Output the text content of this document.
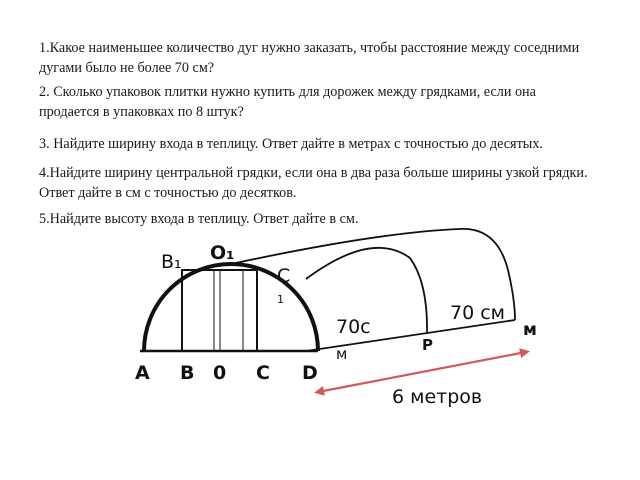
1.Какое наименьшее количество дуг нужно заказать, чтобы расстояние между соседними дугами было не более 70 см?

2. Сколько упаковок плитки нужно купить для дорожек между грядками, если она продается в упаковках по 8 штук?

3. Найдите ширину входа в теплицу. Ответ дайте в метрах с точностью до десятых.

4.Найдите ширину центральной грядки, если она в два раза больше ширины узкой грядки. Ответ дайте в см с точностью до десятков.

5.Найдите высоту входа в теплицу. Ответ дайте в см.

B₁ O₁
C
1
70с
м
70 см
P
м
A B 0 C D
6 метров
